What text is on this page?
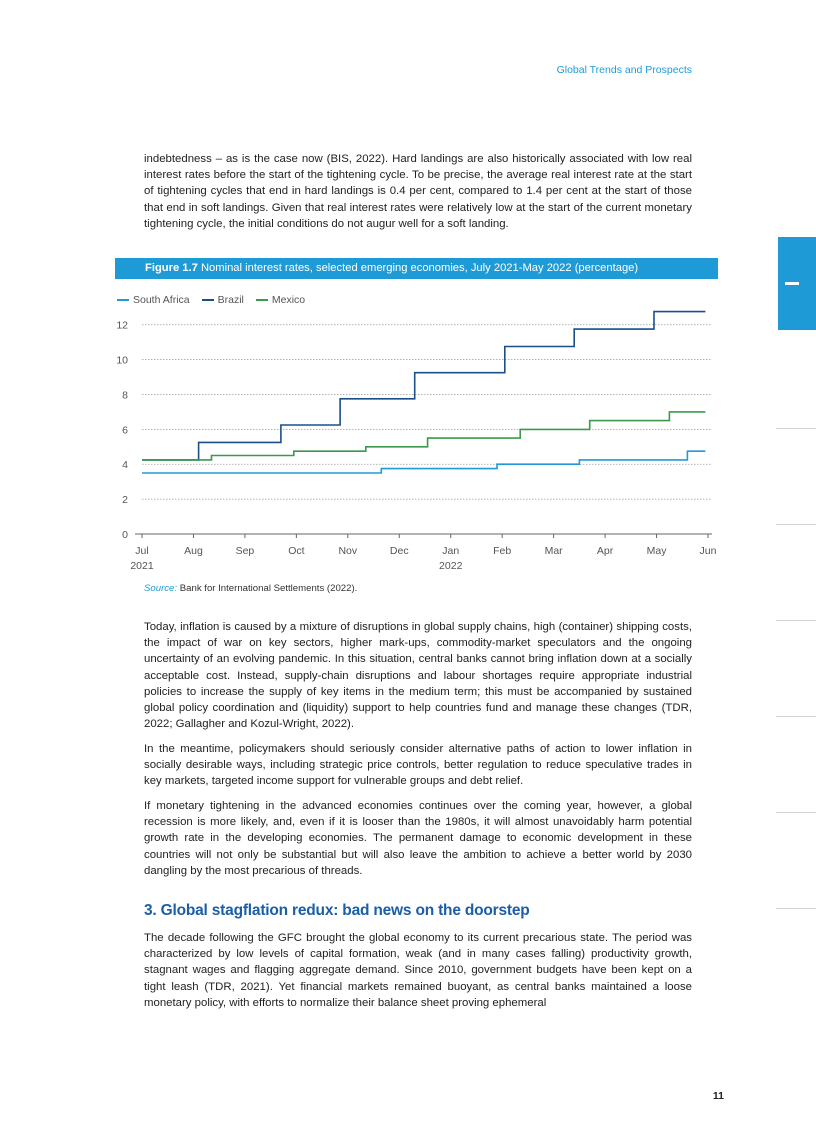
Global Trends and Prospects

indebtedness – as is the case now (BIS, 2022). Hard landings are also historically associated with low real interest rates before the start of the tightening cycle. To be precise, the average real interest rate at the start of tightening cycles that end in hard landings is 0.4 per cent, compared to 1.4 per cent at the start of those that end in soft landings. Given that real interest rates were relatively low at the start of the current monetary tightening cycle, the initial conditions do not augur well for a soft landing.

Figure 1.7 Nominal interest rates, selected emerging economies, July 2021-May 2022 (percentage)
South Africa	Brazil	Mexico
0
2
4
6
8
10
12
Jul
2021
Aug	Sep	Oct	Nov	Dec	Jan
2022
Feb	Mar	Apr	May	Jun
Source: Bank for International Settlements (2022).

Today, inflation is caused by a mixture of disruptions in global supply chains, high (container) shipping costs, the impact of war on key sectors, higher mark-ups, commodity-market speculators and the ongoing uncertainty of an evolving pandemic. In this situation, central banks cannot bring inflation down at a socially acceptable cost. Instead, supply-chain disruptions and labour shortages require appropriate industrial policies to increase the supply of key items in the medium term; this must be accompanied by sustained global policy coordination and (liquidity) support to help countries fund and manage these changes (TDR, 2022; Gallagher and Kozul-Wright, 2022).

In the meantime, policymakers should seriously consider alternative paths of action to lower inflation in socially desirable ways, including strategic price controls, better regulation to reduce speculative trades in key markets, targeted income support for vulnerable groups and debt relief.

If monetary tightening in the advanced economies continues over the coming year, however, a global recession is more likely, and, even if it is looser than the 1980s, it will almost unavoidably harm potential growth rate in the developing economies. The permanent damage to economic development in these countries will not only be substantial but will also leave the ambition to achieve a better world by 2030 dangling by the most precarious of threads.

3. Global stagflation redux: bad news on the doorstep

The decade following the GFC brought the global economy to its current precarious state. The period was characterized by low levels of capital formation, weak (and in many cases falling) productivity growth, stagnant wages and flagging aggregate demand. Since 2010, government budgets have been kept on a tight leash (TDR, 2021). Yet financial markets remained buoyant, as central banks maintained a loose monetary policy, with efforts to normalize their balance sheet proving ephemeral

11
